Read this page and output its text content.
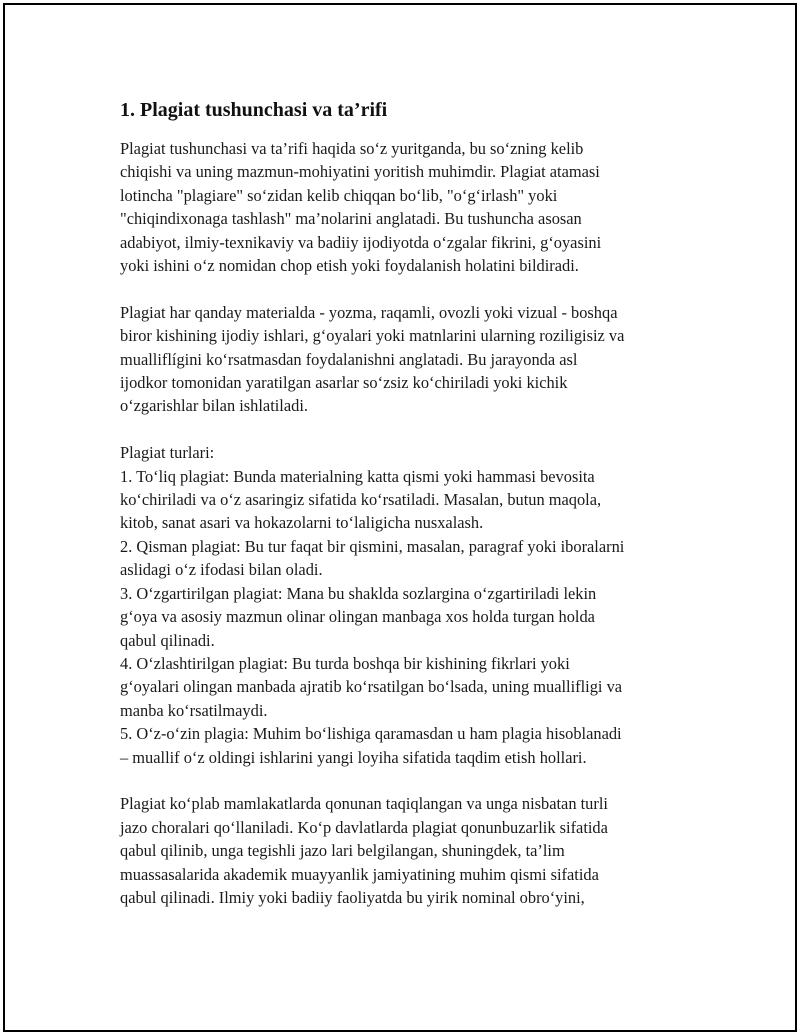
1. Plagiat tushunchasi va ta’rifi
Plagiat tushunchasi va ta’rifi haqida so‘z yuritganda, bu so‘zning kelib
chiqishi va uning mazmun-mohiyatini yoritish muhimdir. Plagiat atamasi
lotincha "plagiare" so‘zidan kelib chiqqan bo‘lib, "o‘g‘irlash" yoki
"chiqindixonaga tashlash" ma’nolarini anglatadi. Bu tushuncha asosan
adabiyot, ilmiy-texnikaviy va badiiy ijodiyotda o‘zgalar fikrini, g‘oyasini
yoki ishini o‘z nomidan chop etish yoki foydalanish holatini bildiradi.
Plagiat har qanday materialda - yozma, raqamli, ovozli yoki vizual - boshqa
biror kishining ijodiy ishlari, g‘oyalari yoki matnlarini ularning roziligisiz va
mualliflígini ko‘rsatmasdan foydalanishni anglatadi. Bu jarayonda asl
ijodkor tomonidan yaratilgan asarlar so‘zsiz ko‘chiriladi yoki kichik
o‘zgarishlar bilan ishlatiladi.
Plagiat turlari:
1. To‘liq plagiat: Bunda materialning katta qismi yoki hammasi bevosita
ko‘chiriladi va o‘z asaringiz sifatida ko‘rsatiladi. Masalan, butun maqola,
kitob, sanat asari va hokazolarni to‘laligicha nusxalash.
2. Qisman plagiat: Bu tur faqat bir qismini, masalan, paragraf yoki iboralarni
aslidagi o‘z ifodasi bilan oladi.
3. O‘zgartirilgan plagiat: Mana bu shaklda sozlargina o‘zgartiriladi lekin
g‘oya va asosiy mazmun olinar olingan manbaga xos holda turgan holda
qabul qilinadi.
4. O‘zlashtirilgan plagiat: Bu turda boshqa bir kishining fikrlari yoki
g‘oyalari olingan manbada ajratib ko‘rsatilgan bo‘lsada, uning muallifligi va
manba ko‘rsatilmaydi.
5. O‘z-o‘zin plagia: Muhim bo‘lishiga qaramasdan u ham plagia hisoblanadi
– muallif o‘z oldingi ishlarini yangi loyiha sifatida taqdim etish hollari.
Plagiat ko‘plab mamlakatlarda qonunan taqiqlangan va unga nisbatan turli
jazo choralari qo‘llaniladi. Ko‘p davlatlarda plagiat qonunbuzarlik sifatida
qabul qilinib, unga tegishli jazo lari belgilangan, shuningdek, ta’lim
muassasalarida akademik muayyanlik jamiyatining muhim qismi sifatida
qabul qilinadi. Ilmiy yoki badiiy faoliyatda bu yirik nominal obro‘yini,
